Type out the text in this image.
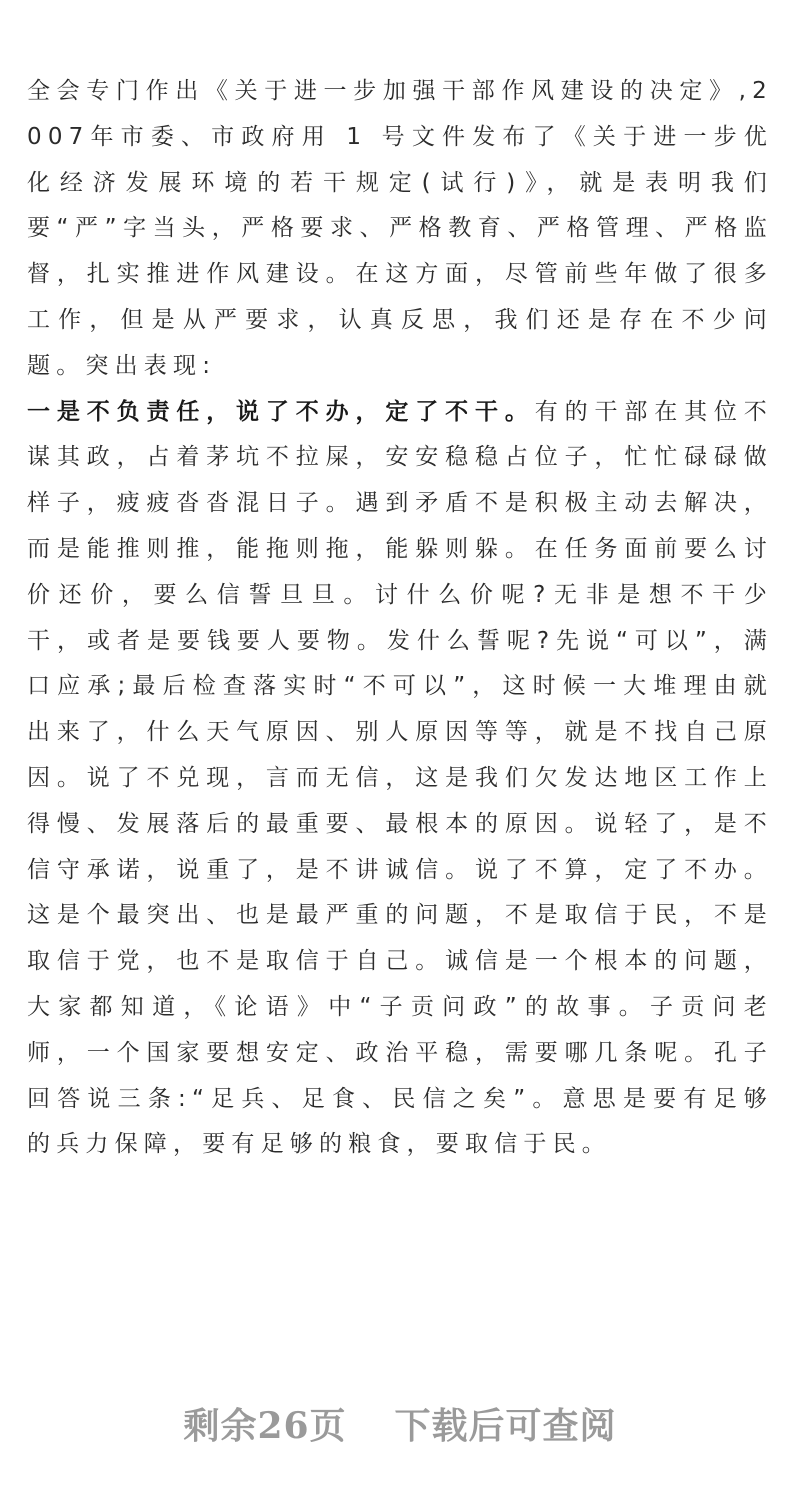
全会专门作出《关于进一步加强干部作风建设的决定》,2007年市委、市政府用 1 号文件发布了《关于进一步优化经济发展环境的若干规定(试行)》，就是表明我们要“严”字当头，严格要求、严格教育、严格管理、严格监督，扎实推进作风建设。在这方面，尽管前些年做了很多工作，但是从严要求，认真反思，我们还是存在不少问题。突出表现:

一是不负责任，说了不办，定了不干。有的干部在其位不谋其政，占着茅坑不拉屎，安安稳稳占位子，忙忙碌碌做样子，疲疲沓沓混日子。遇到矛盾不是积极主动去解决，而是能推则推，能拖则拖，能躲则躲。在任务面前要么讨价还价，要么信誓旦旦。讨什么价呢?无非是想不干少干，或者是要钱要人要物。发什么誓呢?先说“可以”，满口应承;最后检查落实时“不可以”，这时候一大堆理由就出来了，什么天气原因、别人原因等等，就是不找自己原因。说了不兑现，言而无信，这是我们欠发达地区工作上得慢、发展落后的最重要、最根本的原因。说轻了，是不信守承诺，说重了，是不讲诚信。说了不算，定了不办。这是个最突出、也是最严重的问题，不是取信于民，不是取信于党，也不是取信于自己。诚信是一个根本的问题，大家都知道，《论语》中“子贡问政”的故事。子贡问老师，一个国家要想安定、政治平稳，需要哪几条呢。孔子回答说三条:“足兵、足食、民信之矣”。意思是要有足够的兵力保障，要有足够的粮食，要取信于民。

剩余26页 下载后可查阅
